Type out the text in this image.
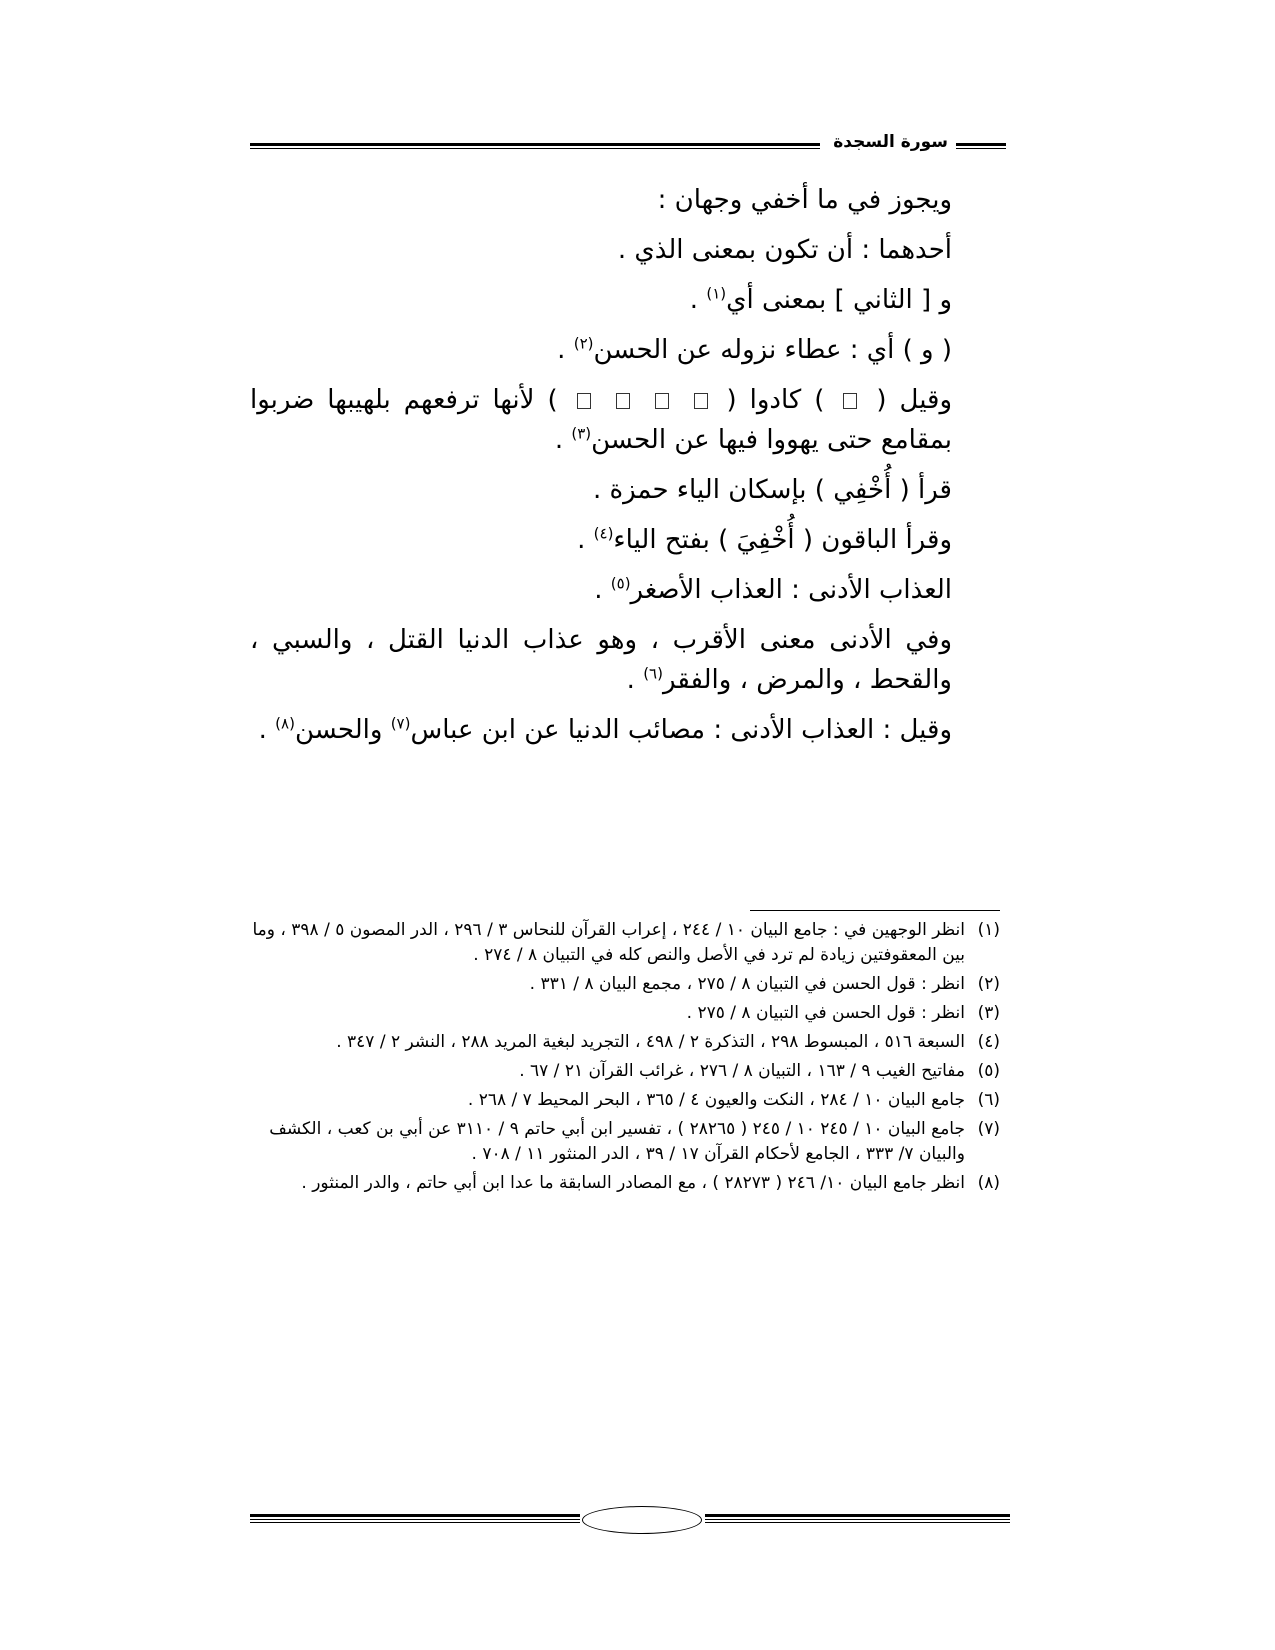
سورة السجدة

ويجوز في ما أخفي وجهان :

أحدهما : أن تكون بمعنى الذي .

و [ الثاني ] بمعنى أي$^{(١)}$ .

( و ) أي : عطاء نزوله عن الحسن$^{(٢)}$ .

وقيل (  ) كادوا (     ) لأنها ترفعهم بلهيبها ضربوا بمقامع حتى يهووا فيها عن الحسن$^{(٣)}$ .

قرأ ( أُخْفِي ) بإسكان الياء حمزة .

وقرأ الباقون ( أُخْفِيَ ) بفتح الياء$^{(٤)}$ .

العذاب الأدنى : العذاب الأصغر$^{(٥)}$ .

وفي الأدنى معنى الأقرب ، وهو عذاب الدنيا القتل ، والسبي ، والقحط ، والمرض ، والفقر$^{(٦)}$ .

وقيل : العذاب الأدنى : مصائب الدنيا عن ابن عباس$^{(٧)}$ والحسن$^{(٨)}$ .

(١)
انظر الوجهين في : جامع البيان ١٠ / ٢٤٤ ، إعراب القرآن للنحاس ٣ / ٢٩٦ ، الدر المصون ٥ / ٣٩٨ ، وما بين المعقوفتين زيادة لم ترد في الأصل والنص كله في التبيان ٨ / ٢٧٤ .

(٢)
انظر : قول الحسن في التبيان ٨ / ٢٧٥ ، مجمع البيان ٨ / ٣٣١ .

(٣)
انظر : قول الحسن في التبيان ٨ / ٢٧٥ .

(٤)
السبعة ٥١٦ ، المبسوط ٢٩٨ ، التذكرة ٢ / ٤٩٨ ، التجريد لبغية المريد ٢٨٨ ، النشر ٢ / ٣٤٧ .

(٥)
مفاتيح الغيب ٩ / ١٦٣ ، التبيان ٨ / ٢٧٦ ، غرائب القرآن ٢١ / ٦٧ .

(٦)
جامع البيان ١٠ / ٢٨٤ ، النكت والعيون ٤ / ٣٦٥ ، البحر المحيط ٧ / ٢٦٨ .

(٧)
جامع البيان ١٠ / ٢٤٥ ١٠ / ٢٤٥ ( ٢٨٢٦٥ ) ، تفسير ابن أبي حاتم ٩ / ٣١١٠ عن أبي بن كعب ، الكشف والبيان ٧/ ٣٣٣ ، الجامع لأحكام القرآن ١٧ / ٣٩ ، الدر المنثور ١١ / ٧٠٨ .

(٨)
انظر جامع البيان ١٠/ ٢٤٦ ( ٢٨٢٧٣ ) ، مع المصادر السابقة ما عدا ابن أبي حاتم ، والدر المنثور .
